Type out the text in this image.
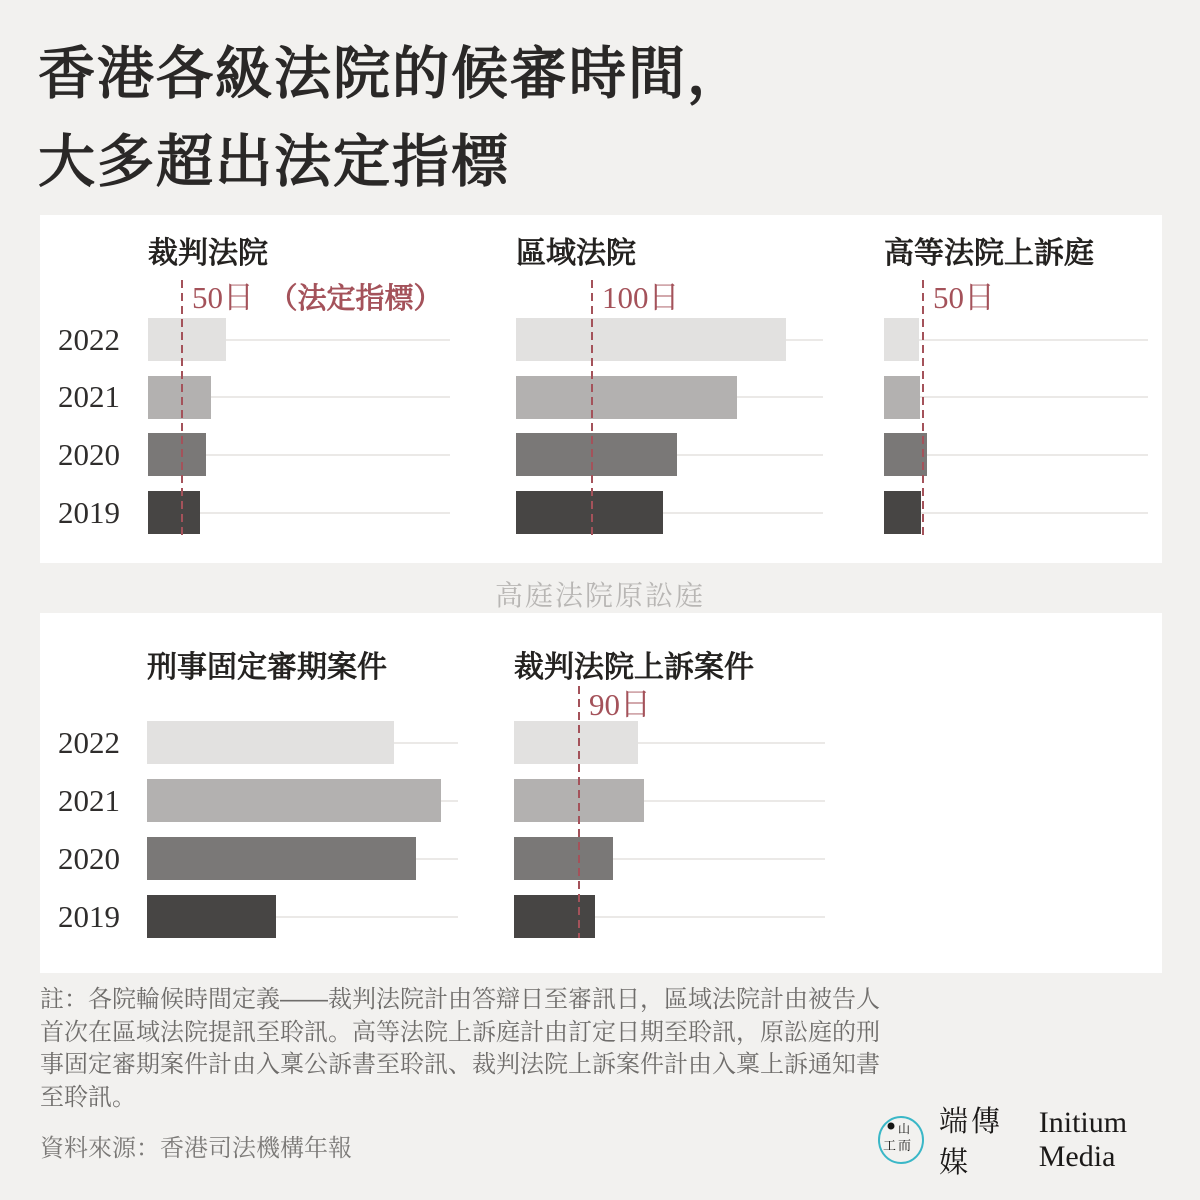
香港各級法院的候審時間，
大多超出法定指標
高庭法院原訟庭
2022
2021
2020
2019
2022
2021
2020
2019
裁判法院
50日 （法定指標）
區域法院
100日
高等法院上訴庭
50日
刑事固定審期案件	裁判法院上訴案件
90日

註：各院輪候時間定義——裁判法院計由答辯日至審訊日，區域法院計由被告人首次在區域法院提訊至聆訊。高等法院上訴庭計由訂定日期至聆訊，原訟庭的刑事固定審期案件計由入稟公訴書至聆訊、裁判法院上訴案件計由入稟上訴通知書至聆訊。

資料來源：香港司法機構年報

山
工 而
端傳媒
Initium Media
